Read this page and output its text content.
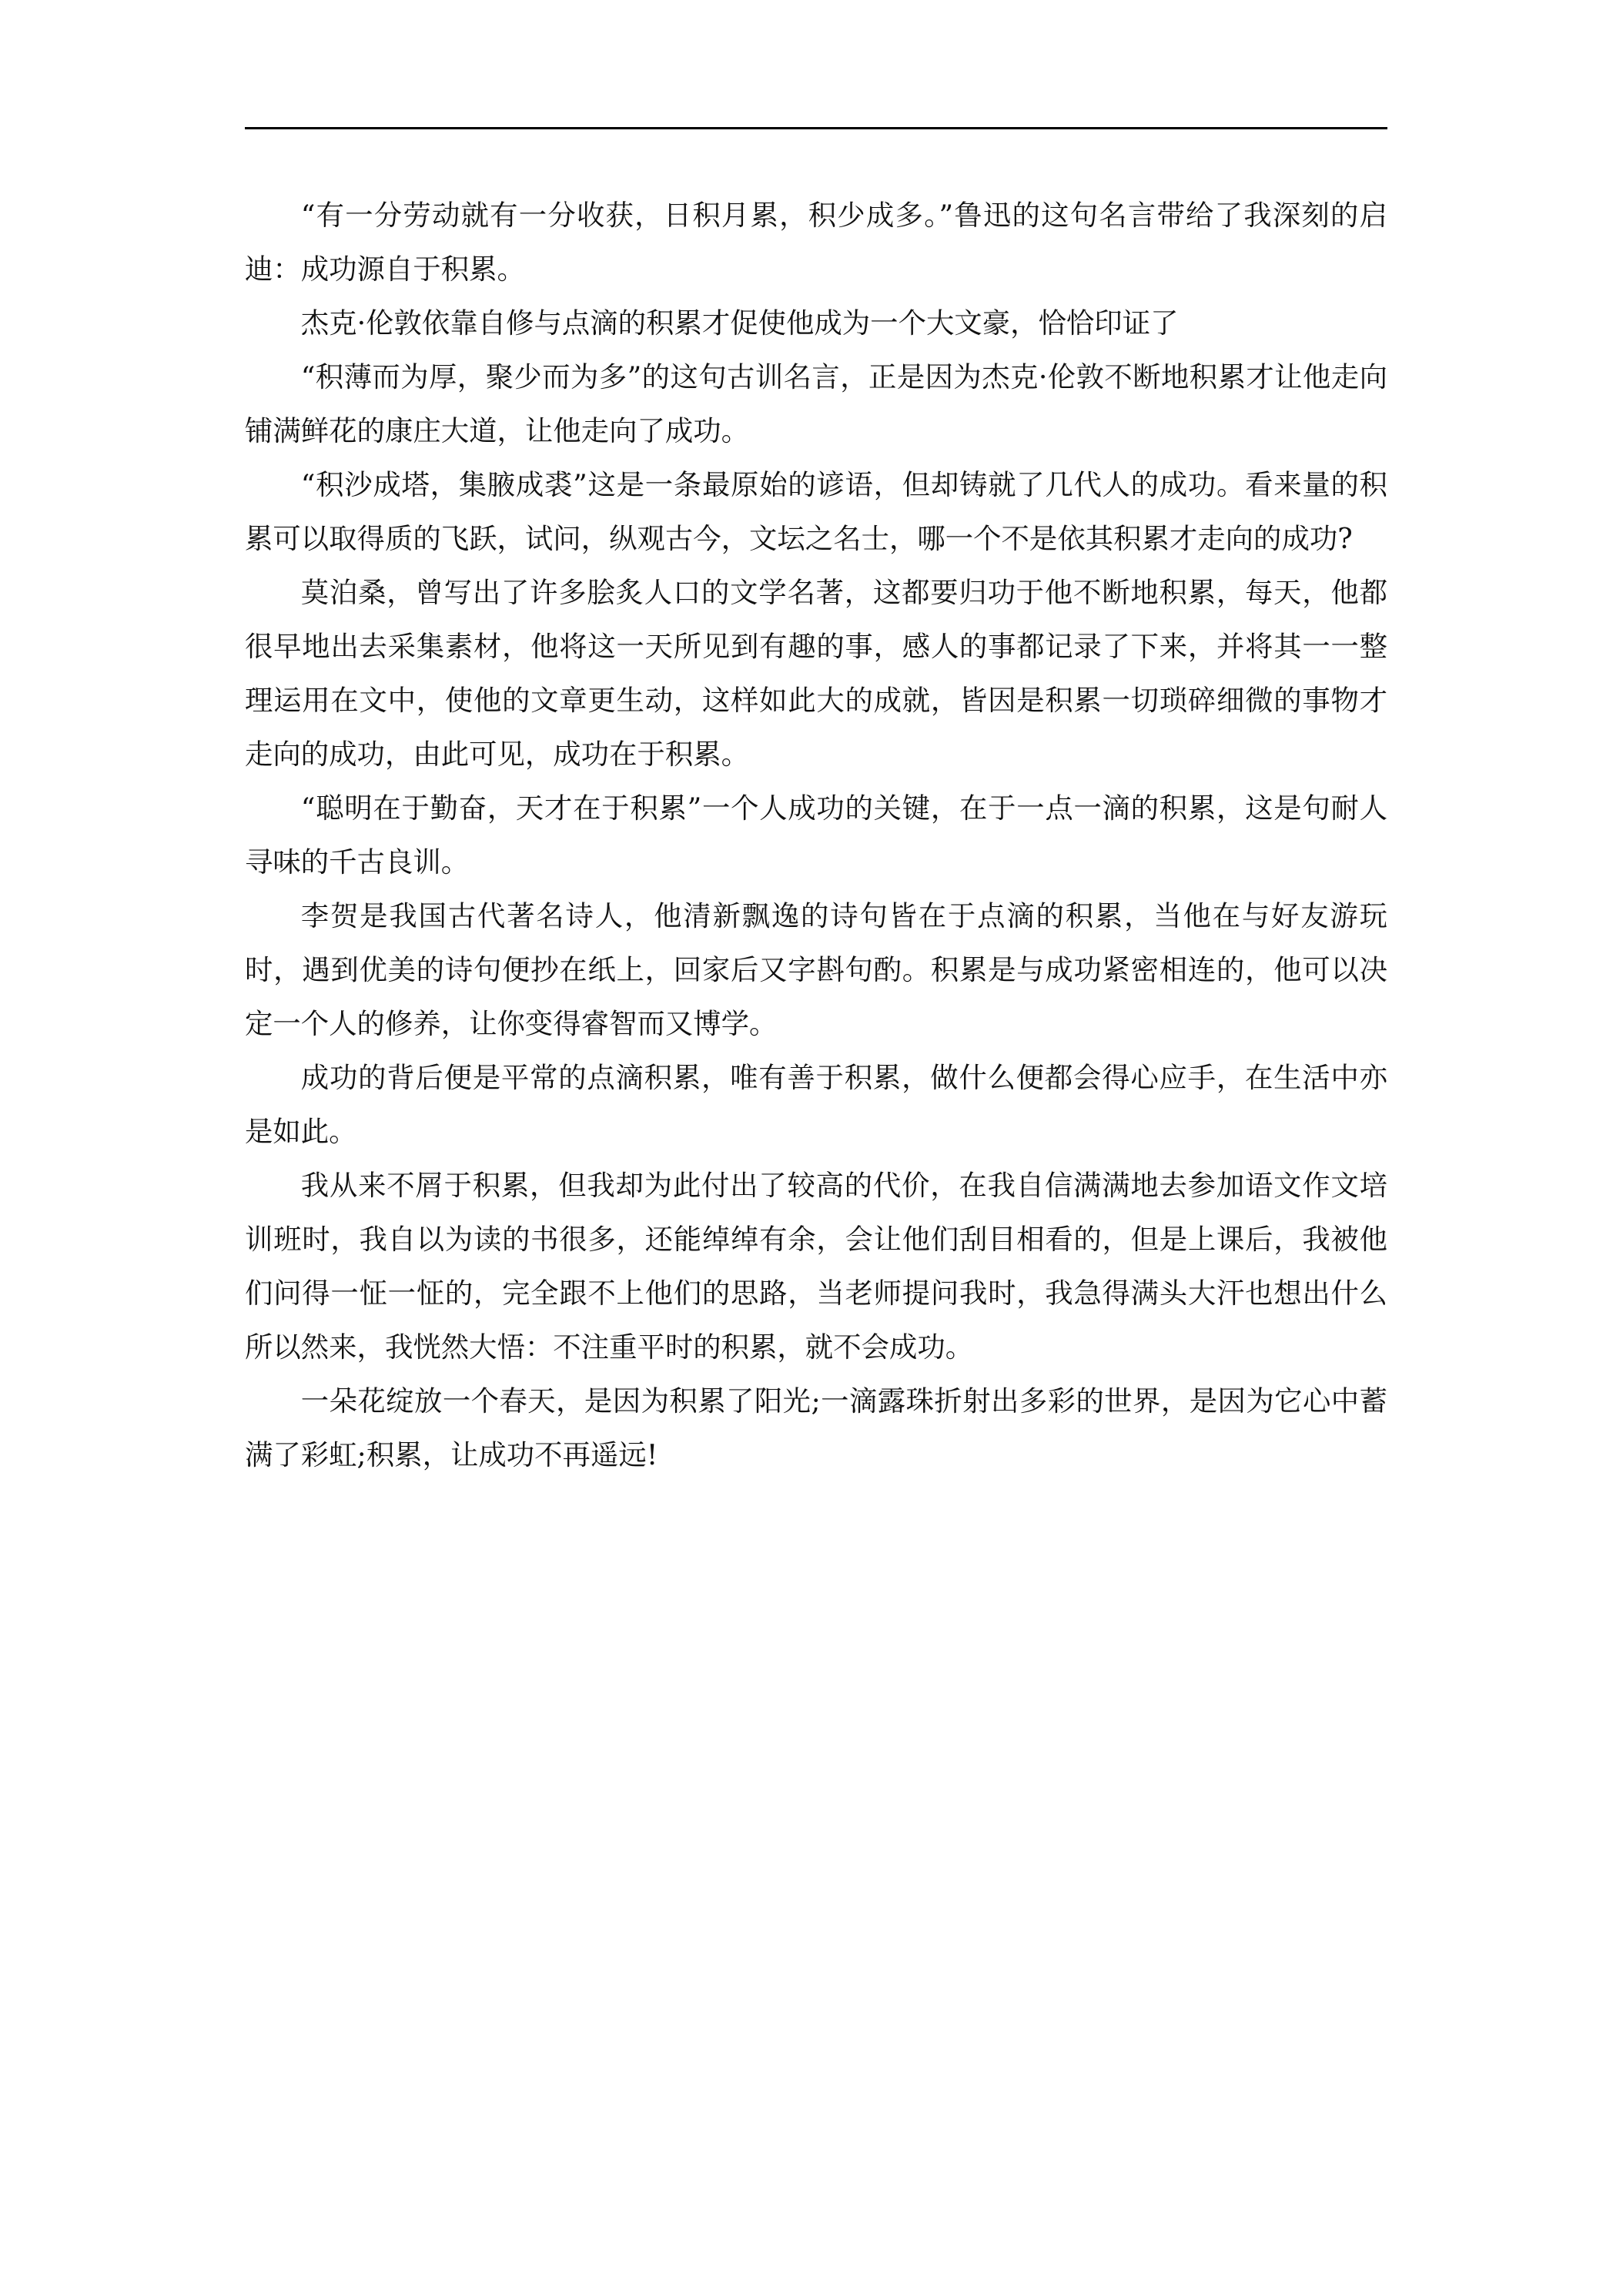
“有一分劳动就有一分收获，日积月累，积少成多。”鲁迅的这句名言带给了我深刻的启迪：成功源自于积累。

杰克·伦敦依靠自修与点滴的积累才促使他成为一个大文豪，恰恰印证了

“积薄而为厚，聚少而为多”的这句古训名言，正是因为杰克·伦敦不断地积累才让他走向铺满鲜花的康庄大道，让他走向了成功。

“积沙成塔，集腋成裘”这是一条最原始的谚语，但却铸就了几代人的成功。看来量的积累可以取得质的飞跃，试问，纵观古今，文坛之名士，哪一个不是依其积累才走向的成功?

莫泊桑，曾写出了许多脍炙人口的文学名著，这都要归功于他不断地积累，每天，他都很早地出去采集素材，他将这一天所见到有趣的事，感人的事都记录了下来，并将其一一整理运用在文中，使他的文章更生动，这样如此大的成就，皆因是积累一切琐碎细微的事物才走向的成功，由此可见，成功在于积累。

“聪明在于勤奋，天才在于积累”一个人成功的关键，在于一点一滴的积累，这是句耐人寻味的千古良训。

李贺是我国古代著名诗人，他清新飘逸的诗句皆在于点滴的积累，当他在与好友游玩时，遇到优美的诗句便抄在纸上，回家后又字斟句酌。积累是与成功紧密相连的，他可以决定一个人的修养，让你变得睿智而又博学。

成功的背后便是平常的点滴积累，唯有善于积累，做什么便都会得心应手，在生活中亦是如此。

我从来不屑于积累，但我却为此付出了较高的代价，在我自信满满地去参加语文作文培训班时，我自以为读的书很多，还能绰绰有余，会让他们刮目相看的，但是上课后，我被他们问得一怔一怔的，完全跟不上他们的思路，当老师提问我时，我急得满头大汗也想出什么所以然来，我恍然大悟：不注重平时的积累，就不会成功。

一朵花绽放一个春天，是因为积累了阳光;一滴露珠折射出多彩的世界，是因为它心中蓄满了彩虹;积累，让成功不再遥远!
